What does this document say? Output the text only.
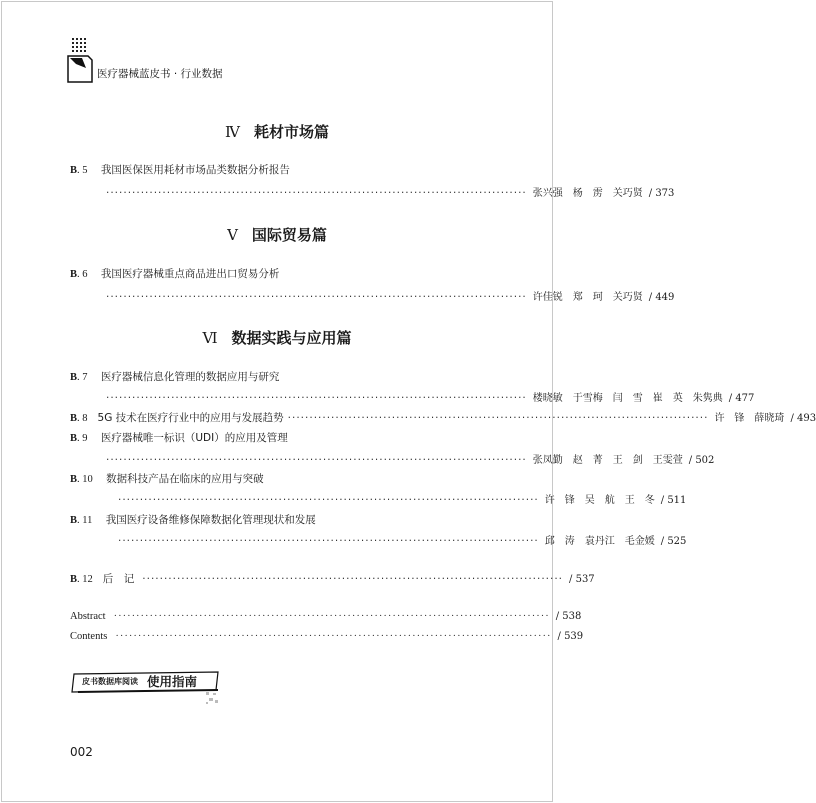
医疗器械蓝皮书 · 行业数据
Ⅳ 耗材市场篇
B. 5 我国医保医用耗材市场品类数据分析报告
································································································· 张兴强　杨　雳　关巧贤 / 373
Ⅴ 国际贸易篇
B. 6 我国医疗器械重点商品进出口贸易分析
································································································· 许佳锐　郑　珂　关巧贤 / 449
Ⅵ 数据实践与应用篇
B. 7 医疗器械信息化管理的数据应用与研究
································································································· 楼晓敏　于雪梅　闫　雪　崔　英　朱隽典 / 477
B. 8 5G 技术在医疗行业中的应用与发展趋势 ································································································· 许　锋　薛晓琦 / 493
B. 9 医疗器械唯一标识（UDI）的应用及管理
································································································· 张凤勤　赵　菁　王　剑　王雯萱 / 502
B. 10 数据科技产品在临床的应用与突破
································································································· 许　锋　吴　航　王　冬 / 511
B. 11 我国医疗设备维修保障数据化管理现状和发展
································································································· 邱　涛　袁丹江　毛金媛 / 525
B. 12 后　记 ································································································· / 537
Abstract ································································································· / 538
Contents ································································································· / 539
皮书数据库阅读 使用指南
002
